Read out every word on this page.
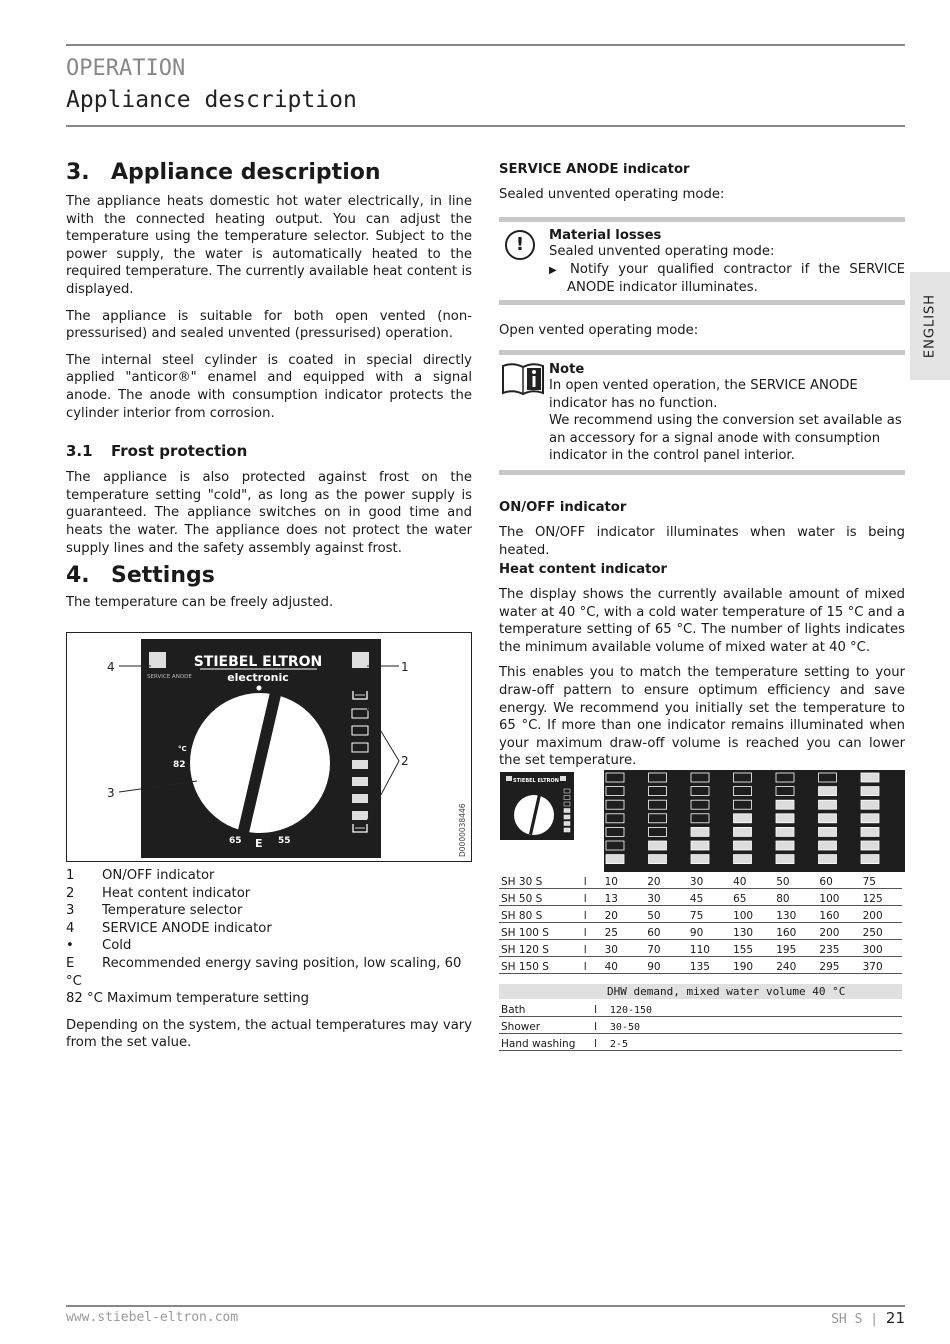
OPERATION
Appliance description
ENGLISH
3. Appliance description

The appliance heats domestic hot water electrically, in line with the connected heating output. You can adjust the temperature using the temperature selector. Subject to the power supply, the water is automatically heated to the required temperature. The currently available heat content is displayed.

The appliance is suitable for both open vented (non-pressurised) and sealed unvented (pressurised) operation.

The internal steel cylinder is coated in special directly applied "anticor®" enamel and equipped with a signal anode. The anode with consumption indicator protects the cylinder interior from corrosion.

3.1 Frost protection

The appliance is also protected against frost on the temperature setting "cold", as long as the power supply is guaranteed. The appliance switches on in good time and heats the water. The appliance does not protect the water supply lines and the safety assembly against frost.

4. Settings

The temperature can be freely adjusted.

SERVICE ANODE
STIEBEL ELTRON
electronic
°C
82	35
65 E 55
4	1
2
3
D0000038446
1 ON/OFF indicator
2 Heat content indicator
3 Temperature selector
4 SERVICE ANODE indicator
• Cold
E Recommended energy saving position, low scaling, 60 °C
82 °C Maximum temperature setting

Depending on the system, the actual temperatures may vary from the set value.

SERVICE ANODE indicator

Sealed unvented operating mode:

!	Material losses
Sealed unvented operating mode:
▶ Notify your qualified contractor if the SERVICE ANODE indicator illuminates.

Open vented operating mode:

Note
In open vented operation, the SERVICE ANODE indicator has no function.
We recommend using the conversion set available as an accessory for a signal anode with consumption indicator in the control panel interior.
ON/OFF indicator

The ON/OFF indicator illuminates when water is being heated.

Heat content indicator

The display shows the currently available amount of mixed water at 40 °C, with a cold water temperature of 15 °C and a temperature setting of 65 °C. The number of lights indicates the minimum available volume of mixed water at 40 °C.

This enables you to match the temperature setting to your draw-off pattern to ensure optimum efficiency and save energy. We recommend you initially set the temperature to 65 °C. If more than one indicator remains illuminated when your maximum draw-off volume is reached you can lower the set temperature.

STIEBEL ELTRON
SH 30 S	l	10	20	30	40	50	60	75
SH 50 S	l	13	30	45	65	80	100	125
SH 80 S	l	20	50	75	100	130	160	200
SH 100 S	l	25	60	90	130	160	200	250
SH 120 S	l	30	70	110	155	195	235	300
SH 150 S	l	40	90	135	190	240	295	370
DHW demand, mixed water volume 40 °C
Bath	l	120-150
Shower	l	30-50
Hand washing	l	2-5
www.stiebel-eltron.com	SH S | 21
